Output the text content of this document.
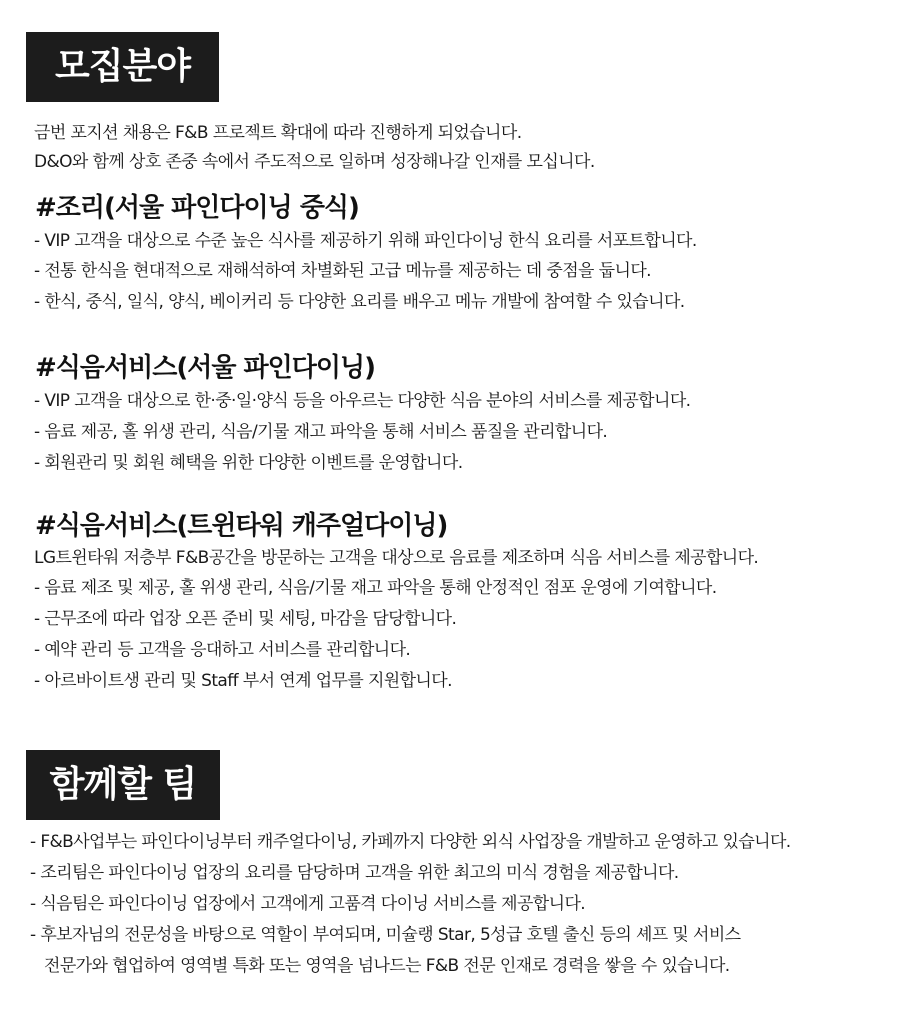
모집분야
금번 포지션 채용은 F&B 프로젝트 확대에 따라 진행하게 되었습니다.
D&O와 함께 상호 존중 속에서 주도적으로 일하며 성장해나갈 인재를 모십니다.
#조리(서울 파인다이닝 중식)
- VIP 고객을 대상으로 수준 높은 식사를 제공하기 위해 파인다이닝 한식 요리를 서포트합니다.
- 전통 한식을 현대적으로 재해석하여 차별화된 고급 메뉴를 제공하는 데 중점을 둡니다.
- 한식, 중식, 일식, 양식, 베이커리 등 다양한 요리를 배우고 메뉴 개발에 참여할 수 있습니다.
#식음서비스(서울 파인다이닝)
- VIP 고객을 대상으로 한·중·일·양식 등을 아우르는 다양한 식음 분야의 서비스를 제공합니다.
- 음료 제공, 홀 위생 관리, 식음/기물 재고 파악을 통해 서비스 품질을 관리합니다.
- 회원관리 및 회원 혜택을 위한 다양한 이벤트를 운영합니다.
#식음서비스(트윈타워 캐주얼다이닝)
LG트윈타워 저층부 F&B공간을 방문하는 고객을 대상으로 음료를 제조하며 식음 서비스를 제공합니다.
- 음료 제조 및 제공, 홀 위생 관리, 식음/기물 재고 파악을 통해 안정적인 점포 운영에 기여합니다.
- 근무조에 따라 업장 오픈 준비 및 세팅, 마감을 담당합니다.
- 예약 관리 등 고객을 응대하고 서비스를 관리합니다.
- 아르바이트생 관리 및 Staff 부서 연계 업무를 지원합니다.
함께할 팀
- F&B사업부는 파인다이닝부터 캐주얼다이닝, 카페까지 다양한 외식 사업장을 개발하고 운영하고 있습니다.
- 조리팀은 파인다이닝 업장의 요리를 담당하며 고객을 위한 최고의 미식 경험을 제공합니다.
- 식음팀은 파인다이닝 업장에서 고객에게 고품격 다이닝 서비스를 제공합니다.
- 후보자님의 전문성을 바탕으로 역할이 부여되며, 미슐랭 Star, 5성급 호텔 출신 등의 셰프 및 서비스
전문가와 협업하여 영역별 특화 또는 영역을 넘나드는 F&B 전문 인재로 경력을 쌓을 수 있습니다.
